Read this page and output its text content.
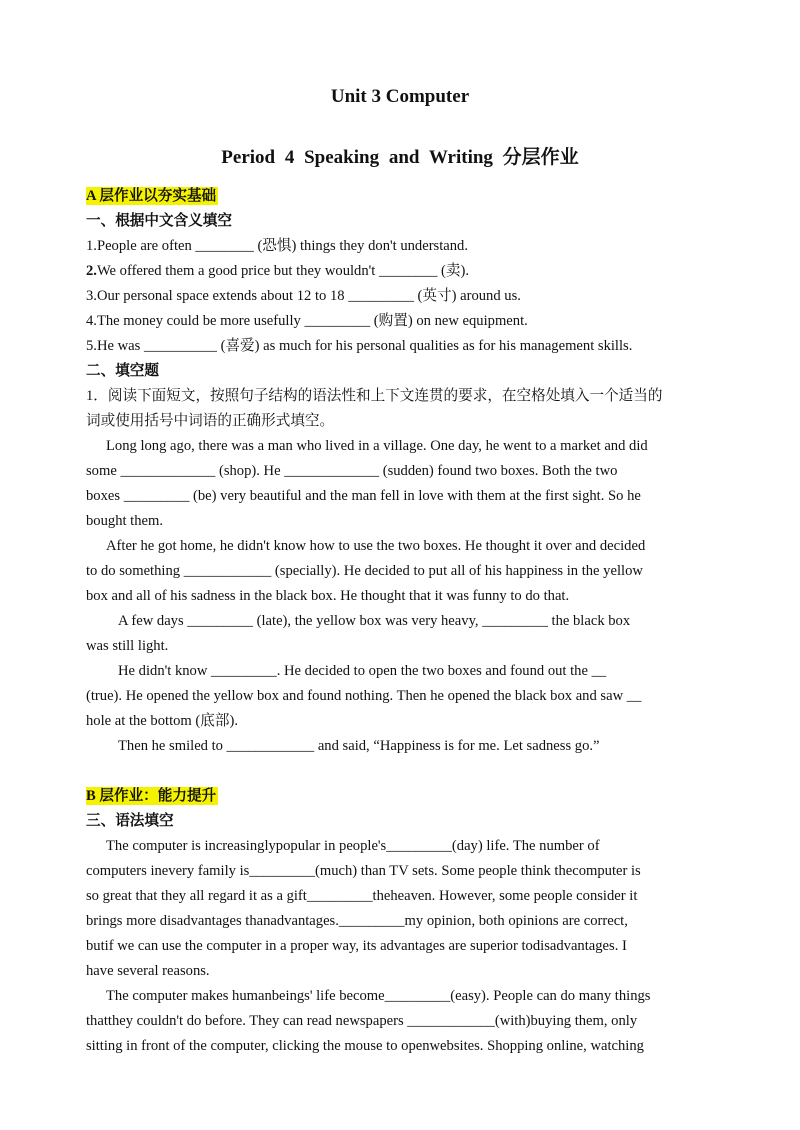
Unit 3 Computer
Period 4 Speaking and Writing 分层作业
A 层作业以夯实基础
一、根据中文含义填空
1.People are often ________ (恐惧) things they don't understand.
2.We offered them a good price but they wouldn't ________ (卖).
3.Our personal space extends about 12 to 18 _________ (英寸) around us.
4.The money could be more usefully _________ (购置) on new equipment.
5.He was __________ (喜爱) as much for his personal qualities as for his management skills.
二、填空题
1．阅读下面短文，按照句子结构的语法性和上下文连贯的要求，在空格处填入一个适当的
词或使用括号中词语的正确形式填空。
Long long ago, there was a man who lived in a village. One day, he went to a market and did
some _____________ (shop). He _____________ (sudden) found two boxes. Both the two
boxes _________ (be) very beautiful and the man fell in love with them at the first sight. So he
bought them.
After he got home, he didn't know how to use the two boxes. He thought it over and decided
to do something ____________ (specially). He decided to put all of his happiness in the yellow
box and all of his sadness in the black box. He thought that it was funny to do that.
A few days _________ (late), the yellow box was very heavy, _________ the black box
was still light.
He didn't know _________. He decided to open the two boxes and found out the __
(true). He opened the yellow box and found nothing. Then he opened the black box and saw __
hole at the bottom (底部).
Then he smiled to ____________ and said, “Happiness is for me. Let sadness go.”
B 层作业：能力提升
三、语法填空
The computer is increasinglypopular in people's_________(day) life. The number of
computers inevery family is_________(much) than TV sets. Some people think thecomputer is
so great that they all regard it as a gift_________theheaven. However, some people consider it
brings more disadvantages thanadvantages._________my opinion, both opinions are correct,
butif we can use the computer in a proper way, its advantages are superior todisadvantages. I
have several reasons.
The computer makes humanbeings' life become_________(easy). People can do many things
thatthey couldn't do before. They can read newspapers ____________(with)buying them, only
sitting in front of the computer, clicking the mouse to openwebsites. Shopping online, watching
